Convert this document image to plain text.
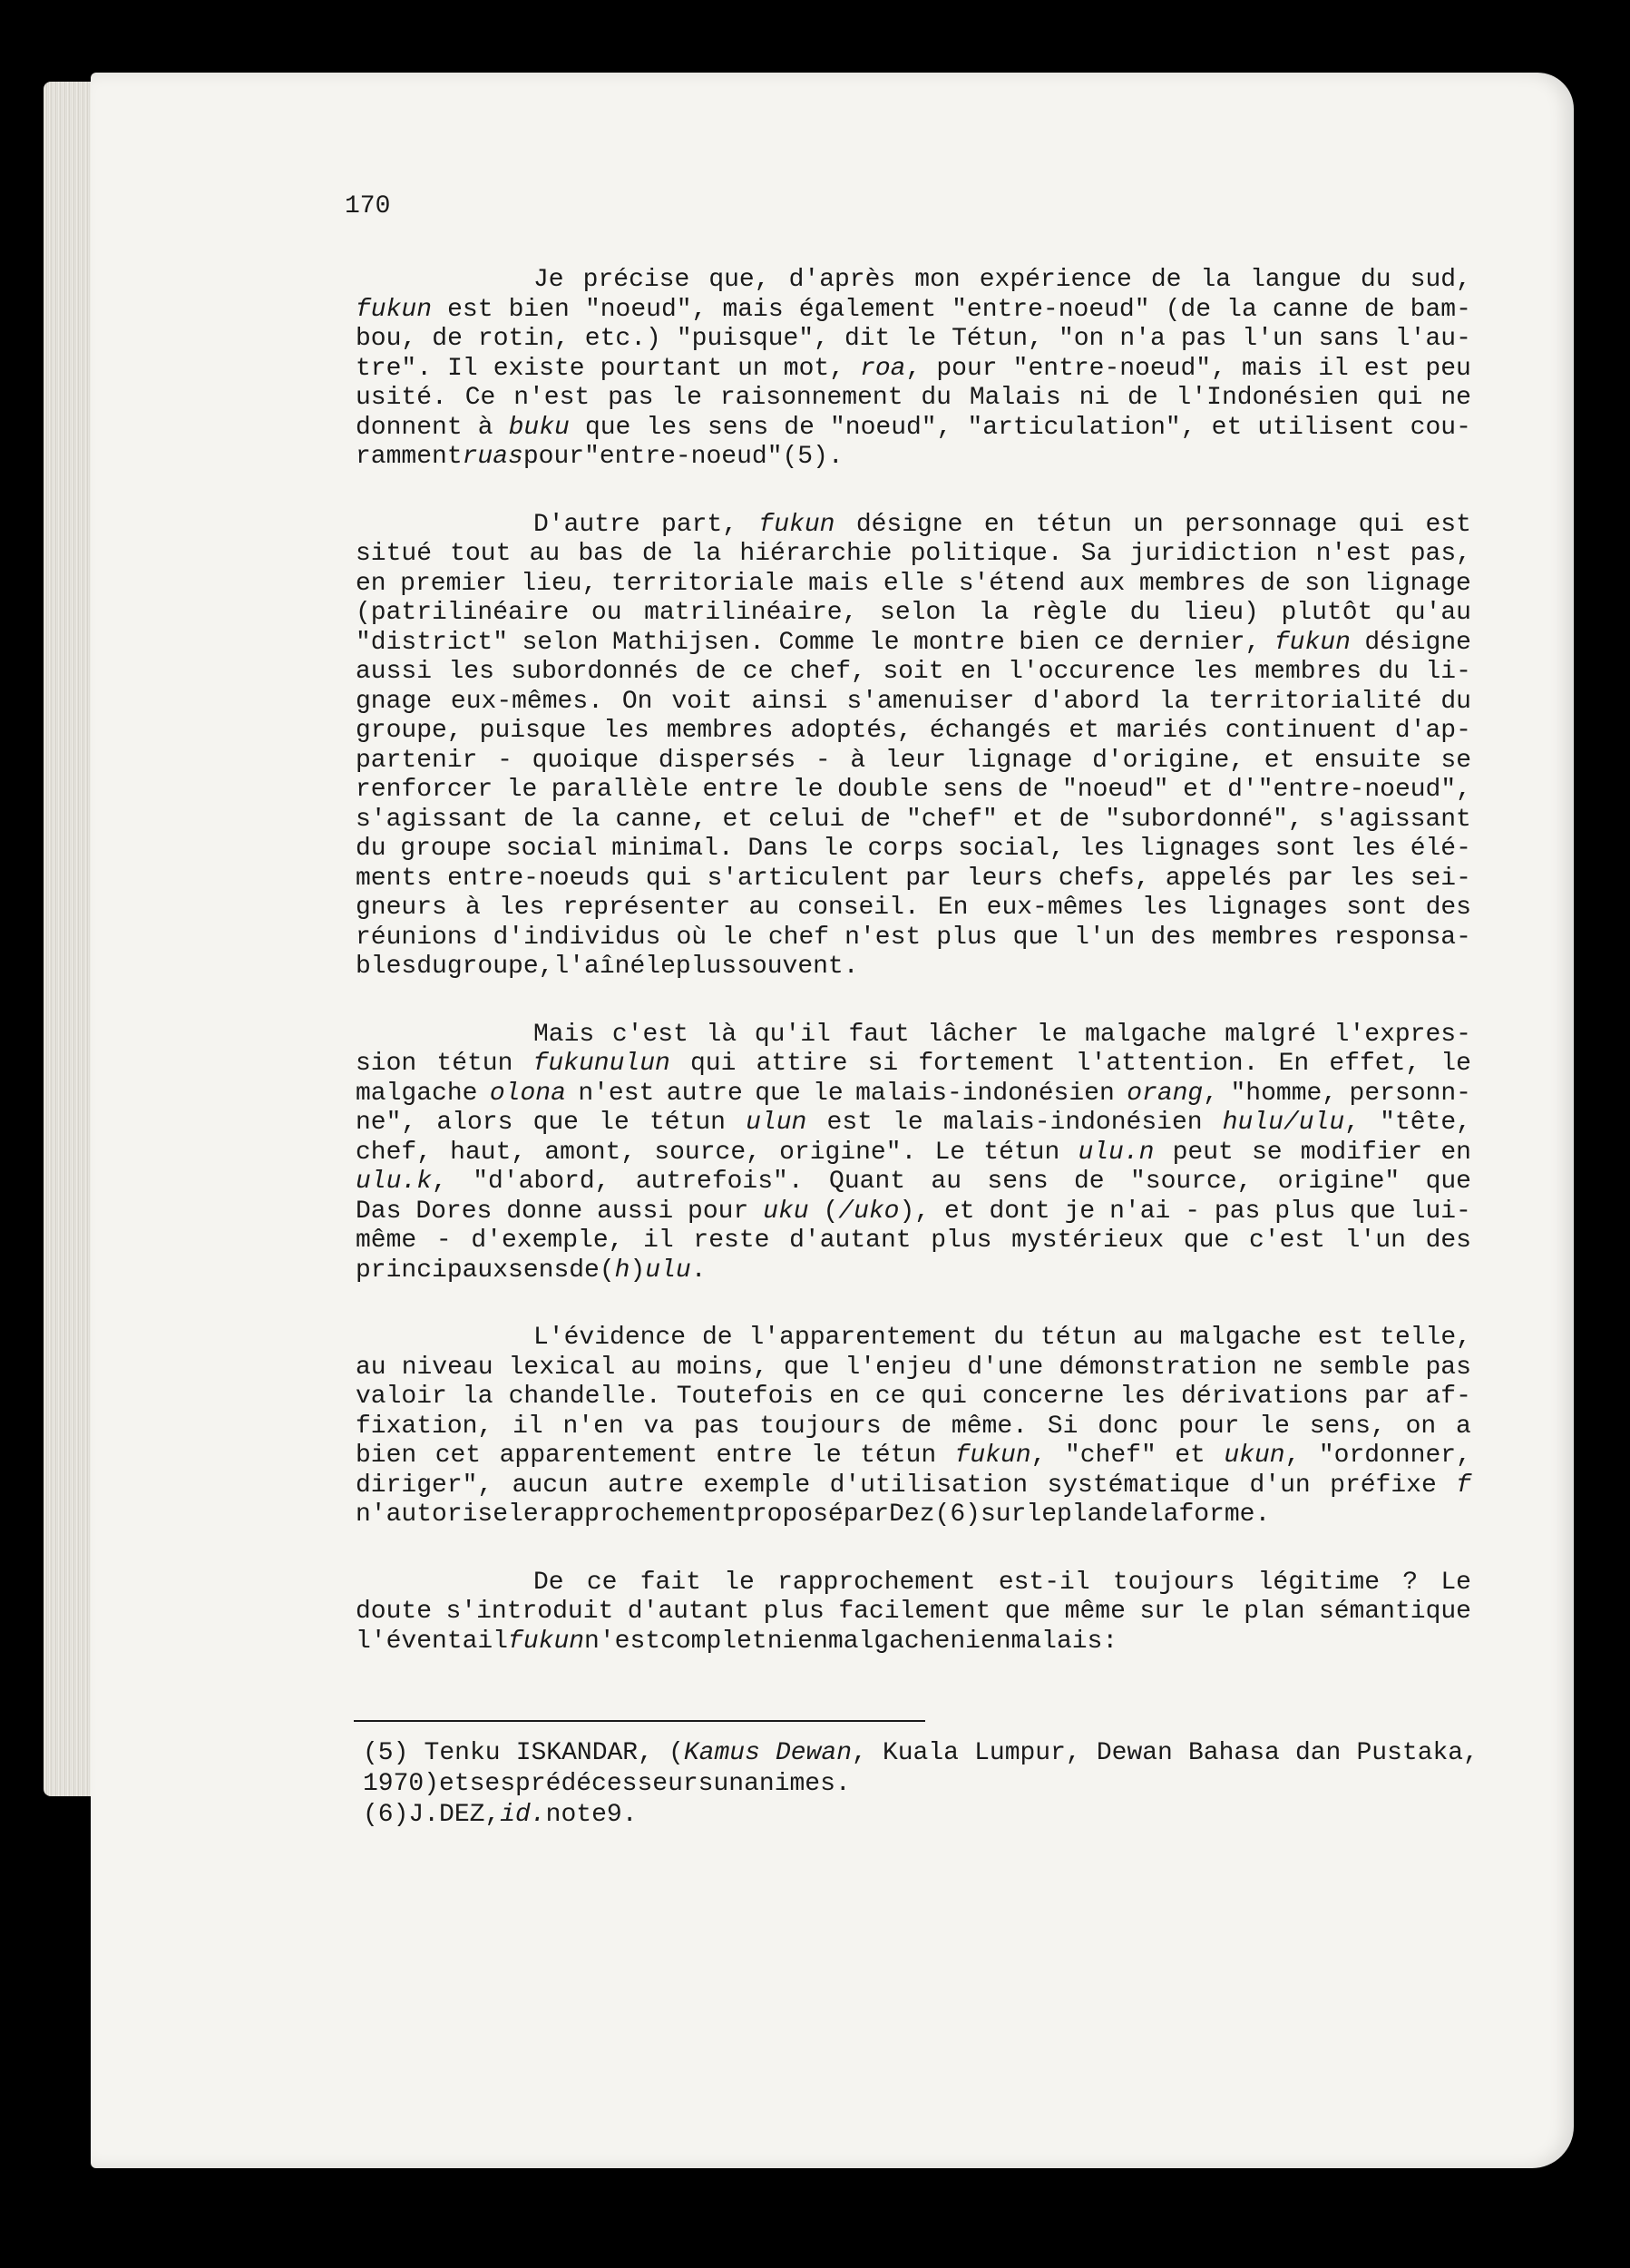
170
Je précise que, d'après mon expérience de la langue du sud,
fukun est bien "noeud", mais également "entre-noeud" (de la canne de bam-
bou, de rotin, etc.) "puisque", dit le Tétun, "on n'a pas l'un sans l'au-
tre". Il existe pourtant un mot, roa, pour "entre-noeud", mais il est peu
usité. Ce n'est pas le raisonnement du Malais ni de l'Indonésien qui ne
donnent à buku que les sens de "noeud", "articulation", et utilisent cou-
ramment ruas pour "entre-noeud" (5).
D'autre part, fukun désigne en tétun un personnage qui est
situé tout au bas de la hiérarchie politique. Sa juridiction n'est pas,
en premier lieu, territoriale mais elle s'étend aux membres de son lignage
(patrilinéaire ou matrilinéaire, selon la règle du lieu) plutôt qu'au
"district" selon Mathijsen. Comme le montre bien ce dernier, fukun désigne
aussi les subordonnés de ce chef, soit en l'occurence les membres du li-
gnage eux-mêmes. On voit ainsi s'amenuiser d'abord la territorialité du
groupe, puisque les membres adoptés, échangés et mariés continuent d'ap-
partenir - quoique dispersés - à leur lignage d'origine, et ensuite se
renforcer le parallèle entre le double sens de "noeud" et d'"entre-noeud",
s'agissant de la canne, et celui de "chef" et de "subordonné", s'agissant
du groupe social minimal. Dans le corps social, les lignages sont les élé-
ments entre-noeuds qui s'articulent par leurs chefs, appelés par les sei-
gneurs à les représenter au conseil. En eux-mêmes les lignages sont des
réunions d'individus où le chef n'est plus que l'un des membres responsa-
bles du groupe, l'aîné le plus souvent.
Mais c'est là qu'il faut lâcher le malgache malgré l'expres-
sion tétun fukunulun qui attire si fortement l'attention. En effet, le
malgache olona n'est autre que le malais-indonésien orang, "homme, personn-
ne", alors que le tétun ulun est le malais-indonésien hulu/ulu, "tête,
chef, haut, amont, source, origine". Le tétun ulu.n peut se modifier en
ulu.k, "d'abord, autrefois". Quant au sens de "source, origine" que
Das Dores donne aussi pour uku (/uko), et dont je n'ai - pas plus que lui-
même - d'exemple, il reste d'autant plus mystérieux que c'est l'un des
principaux sens de (h)ulu.
L'évidence de l'apparentement du tétun au malgache est telle,
au niveau lexical au moins, que l'enjeu d'une démonstration ne semble pas
valoir la chandelle. Toutefois en ce qui concerne les dérivations par af-
fixation, il n'en va pas toujours de même. Si donc pour le sens, on a
bien cet apparentement entre le tétun fukun, "chef" et ukun, "ordonner,
diriger", aucun autre exemple d'utilisation systématique d'un préfixe f
n'autorise le rapprochement proposé par Dez (6) sur le plan de la forme.
De ce fait le rapprochement est-il toujours légitime ? Le
doute s'introduit d'autant plus facilement que même sur le plan sémantique
l'éventail fukun n'est complet ni en malgache ni en malais :
(5) Tenku ISKANDAR, (Kamus Dewan, Kuala Lumpur, Dewan Bahasa dan Pustaka,
1970) et ses prédécesseurs unanimes.
(6) J. DEZ, id. note 9.
